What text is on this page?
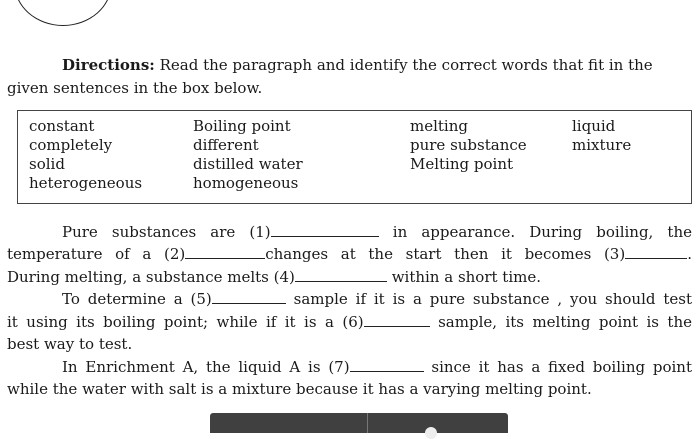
Directions: Read the paragraph and identify the correct words that fit in the
given sentences in the box below.
constant
completely
solid
heterogeneous
Boiling point
different
distilled water
homogeneous
melting
pure substance
Melting point
liquid
mixture
Pure substances are (1)	in appearance. During boiling, the
temperature of a (2)	changes at the start then it becomes (3)	.
During melting, a substance melts (4)	within a short time.
To determine a (5)	sample if it is a pure substance , you should test
it using its boiling point; while if it is a (6)	sample, its melting point is the
best way to test.
In Enrichment A, the liquid A is (7)	since it has a fixed boiling point
while the water with salt is a mixture because it has a varying melting point.
